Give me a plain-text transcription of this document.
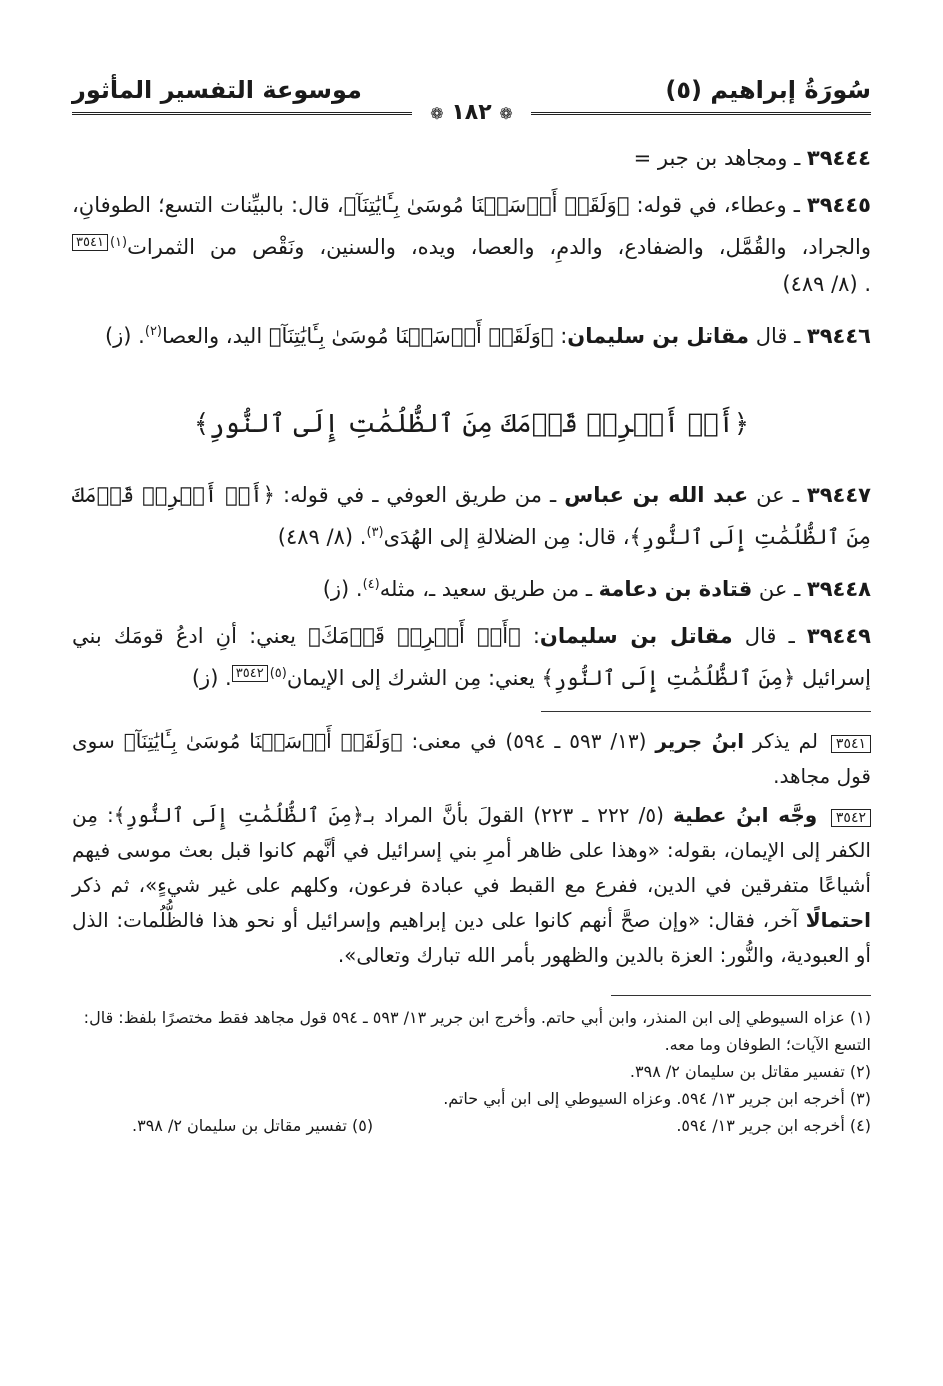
سُورَةُ إبراهيم (٥)
موسوعة التفسير المأثور
❁ ١٨٢ ❁

٣٩٤٤٤ ـ ومجاهد بن جبر =

٣٩٤٤٥ ـ وعطاء، في قوله: ﴿وَلَقَدۡ أَرۡسَلۡنَا مُوسَىٰ بِـَٔايَٰتِنَآ﴾، قال: بالبيِّنات التسع؛ الطوفانِ، والجراد، والقُمَّل، والضفادع، والدمِ، والعصا، ويده، والسنين، ونَقْص من الثمرات$^{(١)}$٣٥٤١. (٨/ ٤٨٩)

٣٩٤٤٦ ـ قال مقاتل بن سليمان: ﴿وَلَقَدۡ أَرۡسَلۡنَا مُوسَىٰ بِـَٔايَٰتِنَآ﴾ اليد، والعصا$^{(٢)}$. (ز)

﴿أَنۡ أَخۡرِجۡ قَوۡمَكَ مِنَ ٱلظُّلُمَٰتِ إِلَى ٱلنُّورِ﴾

٣٩٤٤٧ ـ عن عبد الله بن عباس ـ من طريق العوفي ـ في قوله: ﴿أَنۡ أَخۡرِجۡ قَوۡمَكَ مِنَ ٱلظُّلُمَٰتِ إِلَى ٱلنُّورِ﴾، قال: مِن الضلالةِ إلى الهُدَى$^{(٣)}$. (٨/ ٤٨٩)

٣٩٤٤٨ ـ عن قتادة بن دعامة ـ من طريق سعيد ـ، مثله$^{(٤)}$. (ز)

٣٩٤٤٩ ـ قال مقاتل بن سليمان: ﴿أَنۡ أَخۡرِجۡ قَوۡمَكَ﴾ يعني: أنِ ادعُ قومَك بني إسرائيل ﴿مِنَ ٱلظُّلُمَٰتِ إِلَى ٱلنُّورِ﴾ يعني: مِن الشرك إلى الإيمان$^{(٥)}$٣٥٤٢. (ز)

٣٥٤١ لم يذكر ابنُ جرير (١٣/ ٥٩٣ ـ ٥٩٤) في معنى: ﴿وَلَقَدۡ أَرۡسَلۡنَا مُوسَىٰ بِـَٔايَٰتِنَآ﴾ سوى قول مجاهد.

٣٥٤٢ وجَّه ابنُ عطية (٥/ ٢٢٢ ـ ٢٢٣) القولَ بأنَّ المراد بـ﴿مِنَ ٱلظُّلُمَٰتِ إِلَى ٱلنُّورِ﴾: مِن الكفر إلى الإيمان، بقوله: «وهذا على ظاهر أمرِ بني إسرائيل في أنَّهم كانوا قبل بعث موسى فيهم أشياعًا متفرقين في الدين، ففرع مع القبط في عبادة فرعون، وكلهم على غير شيءٍ»، ثم ذكر احتمالًا آخر، فقال: «وإن صحَّ أنهم كانوا على دين إبراهيم وإسرائيل أو نحو هذا فالظُّلُمات: الذل أو العبودية، والنُّور: العزة بالدين والظهور بأمر الله تبارك وتعالى».

(١) عزاه السيوطي إلى ابن المنذر، وابن أبي حاتم. وأخرج ابن جرير ١٣/ ٥٩٣ ـ ٥٩٤ قول مجاهد فقط مختصرًا بلفظ: قال: التسع الآيات؛ الطوفان وما معه.

(٢) تفسير مقاتل بن سليمان ٢/ ٣٩٨.

(٣) أخرجه ابن جرير ١٣/ ٥٩٤. وعزاه السيوطي إلى ابن أبي حاتم.

(٤) أخرجه ابن جرير ١٣/ ٥٩٤.
(٥) تفسير مقاتل بن سليمان ٢/ ٣٩٨.
